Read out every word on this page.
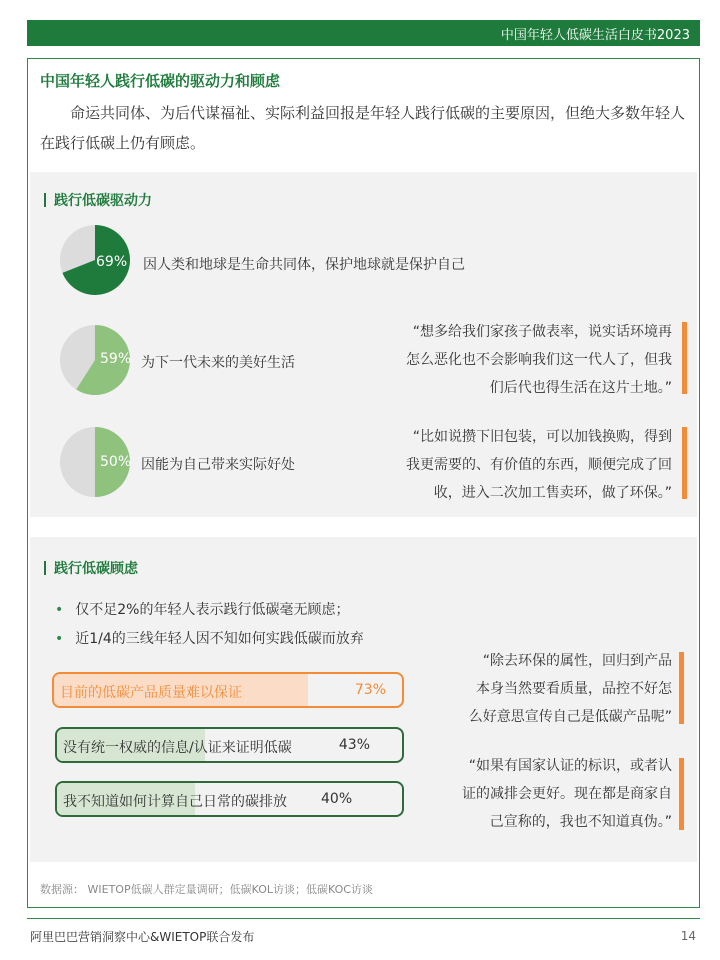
中国年轻人低碳生活白皮书2023
中国年轻人践行低碳的驱动力和顾虑
命运共同体、为后代谋福祉、实际利益回报是年轻人践行低碳的主要原因，但绝大多数年轻人在践行低碳上仍有顾虑。
践行低碳驱动力
69% 因人类和地球是生命共同体，保护地球就是保护自己
59% 为下一代未来的美好生活
50% 因能为自己带来实际好处
“想多给我们家孩子做表率，说实话环境再
怎么恶化也不会影响我们这一代人了，但我
们后代也得生活在这片土地。”
“比如说攒下旧包装，可以加钱换购，得到
我更需要的、有价值的东西，顺便完成了回
收，进入二次加工售卖环，做了环保。”
践行低碳顾虑
• 仅不足2%的年轻人表示践行低碳毫无顾虑；
• 近1/4的三线年轻人因不知如何实践低碳而放弃
目前的低碳产品质量难以保证	73%
没有统一权威的信息/认证来证明低碳	43%
我不知道如何计算自己日常的碳排放 40%
“除去环保的属性，回归到产品
本身当然要看质量，品控不好怎
么好意思宣传自己是低碳产品呢”
“如果有国家认证的标识，或者认
证的减排会更好。现在都是商家自
己宣称的，我也不知道真伪。”
数据源： WIETOP低碳人群定量调研；低碳KOL访谈；低碳KOC访谈
阿里巴巴营销洞察中心&WIETOP联合发布	14
